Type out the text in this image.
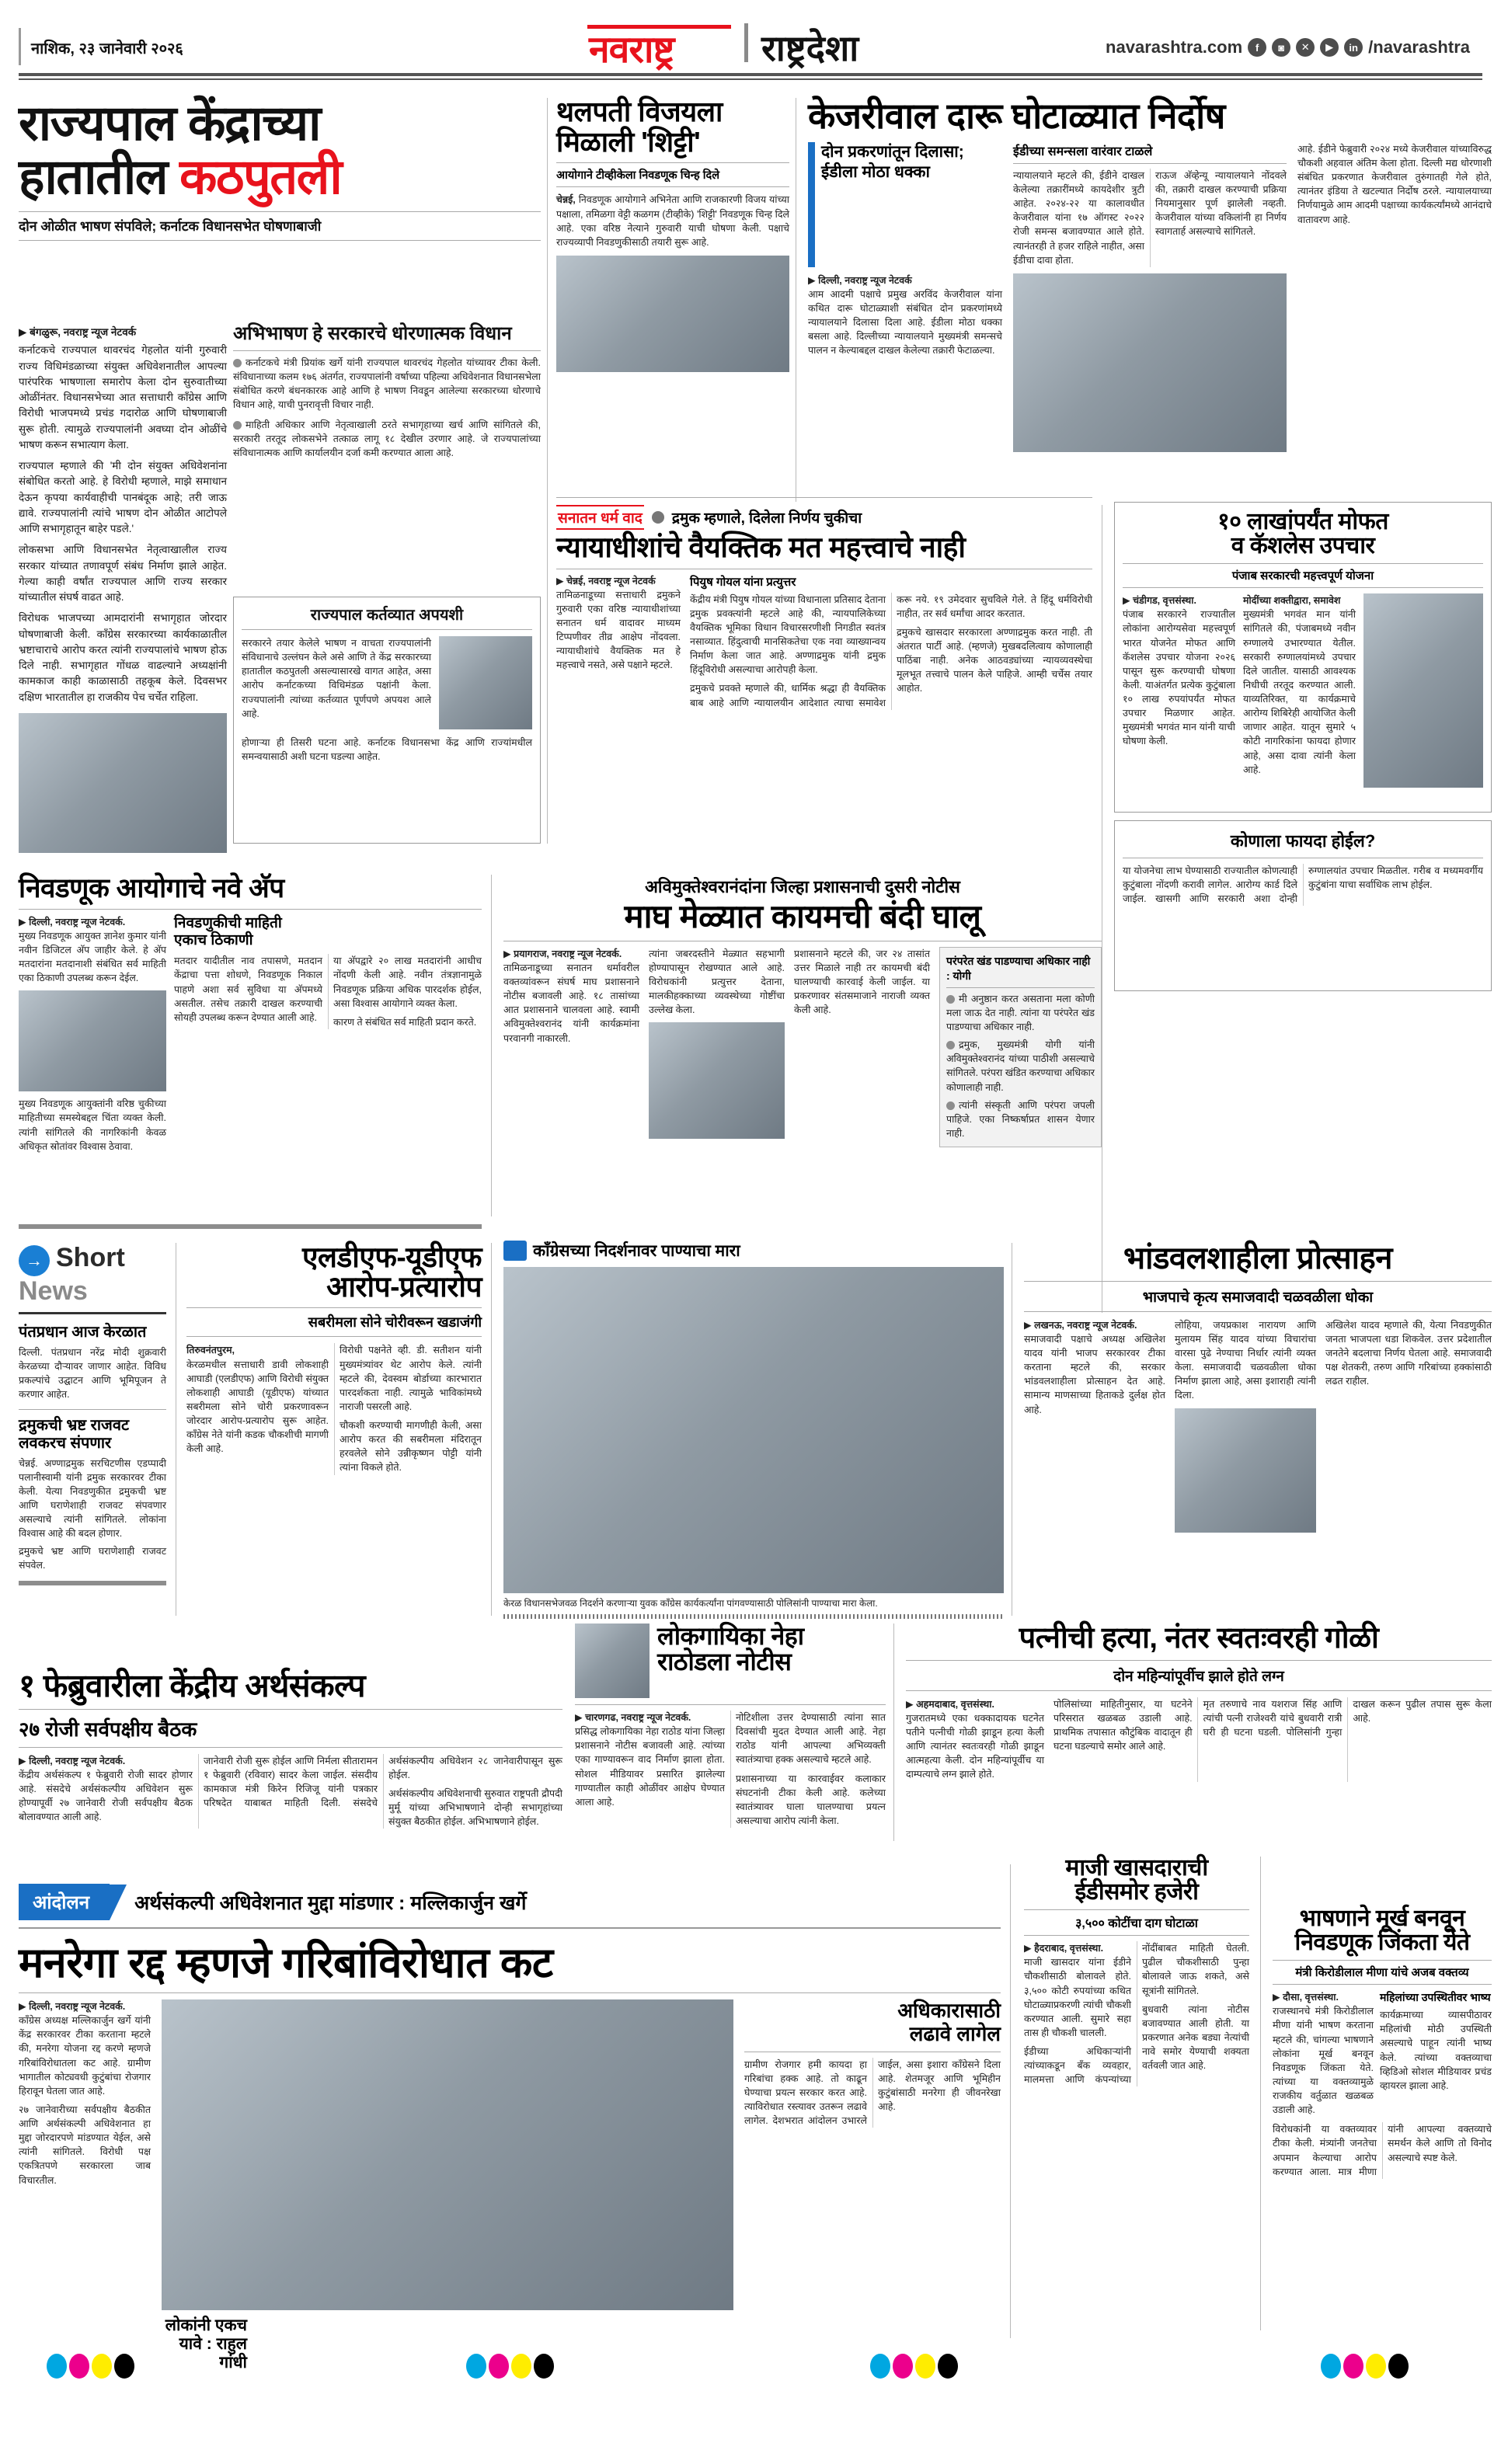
नाशिक, २३ जानेवारी २०२६	नवराष्ट्र राष्ट्रदेशा	navarashtra.com	f	◙	✕	▶	in /navarashtra
राज्यपाल केंद्राच्या
हातातील कठपुतली
दोन ओळीत भाषण संपविले; कर्नाटक विधानसभेत घोषणाबाजी
▶ बंगळुरू, नवराष्ट्र न्यूज नेटवर्क
कर्नाटकचे राज्यपाल थावरचंद गेहलोत यांनी गुरुवारी राज्य विधिमंडळाच्या संयुक्त अधिवेशनातील आपल्या पारंपरिक भाषणाला समारोप केला दोन सुरुवातीच्या ओळींनंतर. विधानसभेच्या आत सत्ताधारी काँग्रेस आणि विरोधी भाजपमध्ये प्रचंड गदारोळ आणि घोषणाबाजी सुरू होती. त्यामुळे राज्यपालांनी अवघ्या दोन ओळींचे भाषण करून सभात्याग केला.
राज्यपाल म्हणाले की 'मी दोन संयुक्त अधिवेशनांना संबोधित करतो आहे. हे विरोधी म्हणाले, माझे समाधान देऊन कृपया कार्यवाहीची पानबंदूक आहे; तरी जाऊ द्यावे. राज्यपालांनी त्यांचे भाषण दोन ओळीत आटोपले आणि सभागृहातून बाहेर पडले.'
लोकसभा आणि विधानसभेत नेतृत्वाखालील राज्य सरकार यांच्यात तणावपूर्ण संबंध निर्माण झाले आहेत. गेल्या काही वर्षांत राज्यपाल आणि राज्य सरकार यांच्यातील संघर्ष वाढत आहे.
विरोधक भाजपच्या आमदारांनी सभागृहात जोरदार घोषणाबाजी केली. काँग्रेस सरकारच्या कार्यकाळातील भ्रष्टाचाराचे आरोप करत त्यांनी राज्यपालांचे भाषण होऊ दिले नाही. सभागृहात गोंधळ वाढल्याने अध्यक्षांनी कामकाज काही काळासाठी तहकूब केले. दिवसभर दक्षिण भारतातील हा राजकीय पेच चर्चेत राहिला.
अभिभाषण हे सरकारचे धोरणात्मक विधान
कर्नाटकचे मंत्री प्रियांक खर्गे यांनी राज्यपाल थावरचंद गेहलोत यांच्यावर टीका केली. संविधानाच्या कलम १७६ अंतर्गत, राज्यपालांनी वर्षाच्या पहिल्या अधिवेशनात विधानसभेला संबोधित करणे बंधनकारक आहे आणि हे भाषण निवडून आलेल्या सरकारच्या धोरणाचे विधान आहे, याची पुनरावृत्ती विचार नाही.
माहिती अधिकार आणि नेतृत्वाखाली ठरते सभागृहाच्या खर्च आणि सांगितले की, सरकारी तरतूद लोकसभेने तत्काळ लागू १८ देखील उरणार आहे. जे राज्यपालांच्या संविधानात्मक आणि कार्यालयीन दर्जा कमी करण्यात आला आहे.
राज्यपाल कर्तव्यात अपयशी
सरकारने तयार केलेले भाषण न वाचता राज्यपालांनी संविधानाचे उल्लंघन केले असे आणि ते केंद्र सरकारच्या हातातील कठपुतली असल्यासारखे वागत आहेत, असा आरोप कर्नाटकच्या विधिमंडळ पक्षांनी केला. राज्यपालांनी त्यांच्या कर्तव्यात पूर्णपणे अपयश आले आहे.
होणाऱ्या ही तिसरी घटना आहे. कर्नाटक विधानसभा केंद्र आणि राज्यांमधील समन्वयासाठी अशी घटना घडल्या आहेत.
थलपती विजयला
मिळाली 'शिट्टी'
आयोगाने टीव्हीकेला निवडणूक चिन्ह दिले
चेन्नई, निवडणूक आयोगाने अभिनेता आणि राजकारणी विजय यांच्या पक्षाला, तमिळगा वेट्टी कळगम (टीव्हीके) 'शिट्टी' निवडणूक चिन्ह दिले आहे. एका वरिष्ठ नेत्याने गुरुवारी याची घोषणा केली. पक्षाचे राज्यव्यापी निवडणुकीसाठी तयारी सुरू आहे.
केजरीवाल दारू घोटाळ्यात निर्दोष
दोन प्रकरणांतून दिलासा; ईडीला मोठा धक्का
ईडीच्या समन्सला वारंवार टाळले
न्यायालयाने म्हटले की, ईडीने दाखल केलेल्या तक्रारींमध्ये कायदेशीर त्रुटी आहेत. २०२४-२२ या कालावधीत केजरीवाल यांना १७ ऑगस्ट २०२२ रोजी समन्स बजावण्यात आले होते. त्यानंतरही ते हजर राहिले नाहीत, असा ईडीचा दावा होता.
राऊज अ‍ॅव्हेन्यू न्यायालयाने नोंदवले की, तक्रारी दाखल करण्याची प्रक्रिया नियमानुसार पूर्ण झालेली नव्हती. केजरीवाल यांच्या वकिलांनी हा निर्णय स्वागतार्ह असल्याचे सांगितले.
आहे. ईडीने फेब्रुवारी २०२४ मध्ये केजरीवाल यांच्याविरुद्ध चौकशी अहवाल अंतिम केला होता. दिल्ली मद्य धोरणाशी संबंधित प्रकरणात केजरीवाल तुरुंगातही गेले होते, त्यानंतर इंडिया ते खटल्यात निर्दोष ठरले. न्यायालयाच्या निर्णयामुळे आम आदमी पक्षाच्या कार्यकर्त्यांमध्ये आनंदाचे वातावरण आहे.
▶ दिल्ली, नवराष्ट्र न्यूज नेटवर्क
आम आदमी पक्षाचे प्रमुख अरविंद केजरीवाल यांना कथित दारू घोटाळ्याशी संबंधित दोन प्रकरणांमध्ये न्यायालयाने दिलासा दिला आहे. ईडीला मोठा धक्का बसला आहे. दिल्लीच्या न्यायालयाने मुख्यमंत्री समन्सचे पालन न केल्याबद्दल दाखल केलेल्या तक्रारी फेटाळल्या.
सनातन धर्म वाद द्रमुक म्हणाले, दिलेला निर्णय चुकीचा
न्यायाधीशांचे वैयक्तिक मत महत्त्वाचे नाही
▶ चेन्नई, नवराष्ट्र न्यूज नेटवर्क
तामिळनाडूच्या सत्ताधारी द्रमुकने गुरुवारी एका वरिष्ठ न्यायाधीशांच्या सनातन धर्म वादावर माध्यम टिप्पणीवर तीव्र आक्षेप नोंदवला. न्यायाधीशांचे वैयक्तिक मत हे महत्त्वाचे नसते, असे पक्षाने म्हटले.
पियुष गोयल यांना प्रत्युत्तर
केंद्रीय मंत्री पियुष गोयल यांच्या विधानाला प्रतिसाद देताना द्रमुक प्रवक्त्यांनी म्हटले आहे की, न्यायपालिकेच्या वैयक्तिक भूमिका विधान विचारसरणीशी निगडीत स्वतंत्र नसाव्यात. हिंदुत्वाची मानसिकतेचा एक नवा व्याख्यान्वय निर्माण केला जात आहे. अण्णाद्रमुक यांनी द्रमुक हिंदूविरोधी असल्याचा आरोपही केला.
द्रमुकचे प्रवक्ते म्हणाले की, धार्मिक श्रद्धा ही वैयक्तिक बाब आहे आणि न्यायालयीन आदेशात त्याचा समावेश करू नये. १९ उमेदवार सुचविले गेले. ते हिंदू धर्मविरोधी नाहीत, तर सर्व धर्मांचा आदर करतात.
द्रमुकचे खासदार सरकारला अण्णाद्रमुक करत नाही. ती अंतरात पार्टी आहे. (म्हणजे) मुखबदलित्वाय कोणालाही पाठिंबा नाही. अनेक आठवड्यांच्या न्यायव्यवस्थेचा मूलभूत तत्त्वाचे पालन केले पाहिजे. आम्ही चर्चेस तयार आहोत.
१० लाखांपर्यंत मोफत
व कॅशलेस उपचार
पंजाब सरकारची महत्त्वपूर्ण योजना
▶ चंडीगड, वृत्तसंस्था.
पंजाब सरकारने राज्यातील लोकांना आरोग्यसेवा महत्त्वपूर्ण भारत योजनेत मोफत आणि कॅशलेस उपचार योजना २०२६ पासून सुरू करण्याची घोषणा केली. याअंतर्गत प्रत्येक कुटुंबाला १० लाख रुपयांपर्यंत मोफत उपचार मिळणार आहेत. मुख्यमंत्री भगवंत मान यांनी याची घोषणा केली.
मोदींच्या शक्तीद्वारा, समावेश
मुख्यमंत्री भगवंत मान यांनी सांगितले की, पंजाबमध्ये नवीन रुग्णालये उभारण्यात येतील. सरकारी रुग्णालयांमध्ये उपचार दिले जातील. यासाठी आवश्यक निधीची तरतूद करण्यात आली. याव्यतिरिक्त, या कार्यक्रमाचे आरोग्य शिबिरेही आयोजित केली जाणार आहेत. यातून सुमारे ५ कोटी नागरिकांना फायदा होणार आहे, असा दावा त्यांनी केला आहे.
कोणाला फायदा होईल?
या योजनेचा लाभ घेण्यासाठी राज्यातील कोणत्याही कुटुंबाला नोंदणी करावी लागेल. आरोग्य कार्ड दिले जाईल. खासगी आणि सरकारी अशा दोन्ही रुग्णालयांत उपचार मिळतील. गरीब व मध्यमवर्गीय कुटुंबांना याचा सर्वाधिक लाभ होईल.
निवडणूक आयोगाचे नवे अ‍ॅप
▶ दिल्ली, नवराष्ट्र न्यूज नेटवर्क.
मुख्य निवडणूक आयुक्त ज्ञानेश कुमार यांनी नवीन डिजिटल अ‍ॅप जाहीर केले. हे अ‍ॅप मतदारांना मतदानाशी संबंधित सर्व माहिती एका ठिकाणी उपलब्ध करून देईल.
मुख्य निवडणूक आयुक्तांनी वरिष्ठ चुकीच्या माहितीच्या समस्येबद्दल चिंता व्यक्त केली. त्यांनी सांगितले की नागरिकांनी केवळ अधिकृत स्रोतांवर विश्वास ठेवावा.
निवडणुकीची माहिती
एकाच ठिकाणी
मतदार यादीतील नाव तपासणे, मतदान केंद्राचा पत्ता शोधणे, निवडणूक निकाल पाहणे अशा सर्व सुविधा या अ‍ॅपमध्ये असतील. तसेच तक्रारी दाखल करण्याची सोयही उपलब्ध करून देण्यात आली आहे.
या अ‍ॅपद्वारे २० लाख मतदारांनी आधीच नोंदणी केली आहे. नवीन तंत्रज्ञानामुळे निवडणूक प्रक्रिया अधिक पारदर्शक होईल, असा विश्वास आयोगाने व्यक्त केला.
कारण ते संबंधित सर्व माहिती प्रदान करते.
अविमुक्तेश्वरानंदांना जिल्हा प्रशासनाची दुसरी नोटीस
माघ मेळ्यात कायमची बंदी घालू
▶ प्रयागराज, नवराष्ट्र न्यूज नेटवर्क.
तामिळनाडूच्या सनातन धर्मावरील वक्तव्यांवरून संघर्ष माघ प्रशासनाने नोटीस बजावली आहे. १८ तासांच्या आत प्रशासनाने चालवला आहे. स्वामी अविमुक्तेश्वरानंद यांनी कार्यक्रमांना परवानगी नाकारली.
त्यांना जबरदस्तीने मेळ्यात सहभागी होण्यापासून रोखण्यात आले आहे. विरोधकांनी प्रत्युत्तर देताना, मालकीहक्काच्या व्यवस्थेच्या गोष्टींचा उल्लेख केला.
प्रशासनाने म्हटले की, जर २४ तासांत उत्तर मिळाले नाही तर कायमची बंदी घालण्याची कारवाई केली जाईल. या प्रकरणावर संतसमाजाने नाराजी व्यक्त केली आहे.
परंपरेत खंड पाडण्याचा अधिकार नाही : योगी
मी अनुष्ठान करत असताना मला कोणी मला जाऊ देत नाही. त्यांना या परंपरेत खंड पाडण्याचा अधिकार नाही.
द्रमुक, मुख्यमंत्री योगी यांनी अविमुक्तेश्वरानंद यांच्या पाठीशी असल्याचे सांगितले. परंपरा खंडित करण्याचा अधिकार कोणालाही नाही.
त्यांनी संस्कृती आणि परंपरा जपली पाहिजे. एका निष्कर्षाप्रत शासन येणार नाही.
→ Short News
पंतप्रधान आज केरळात
दिल्ली. पंतप्रधान नरेंद्र मोदी शुक्रवारी केरळच्या दौऱ्यावर जाणार आहेत. विविध प्रकल्पांचे उद्घाटन आणि भूमिपूजन ते करणार आहेत.
द्रमुकची भ्रष्ट राजवट लवकरच संपणार
चेन्नई. अण्णाद्रमुक सरचिटणीस एडप्पादी पलानीस्वामी यांनी द्रमुक सरकारवर टीका केली. येत्या निवडणुकीत द्रमुकची भ्रष्ट आणि घराणेशाही राजवट संपवणार असल्याचे त्यांनी सांगितले. लोकांना विश्वास आहे की बदल होणार.
द्रमुकचे भ्रष्ट आणि घराणेशाही राजवट संपवेल.
एलडीएफ-यूडीएफ
आरोप-प्रत्यारोप
सबरीमला सोने चोरीवरून खडाजंगी
तिरुवनंतपुरम,
केरळमधील सत्ताधारी डावी लोकशाही आघाडी (एलडीएफ) आणि विरोधी संयुक्त लोकशाही आघाडी (यूडीएफ) यांच्यात सबरीमला सोने चोरी प्रकरणावरून जोरदार आरोप-प्रत्यारोप सुरू आहेत. काँग्रेस नेते यांनी कडक चौकशीची मागणी केली आहे.
विरोधी पक्षनेते व्ही. डी. सतीशन यांनी मुख्यमंत्र्यांवर थेट आरोप केले. त्यांनी म्हटले की, देवस्वम बोर्डाच्या कारभारात पारदर्शकता नाही. त्यामुळे भाविकांमध्ये नाराजी पसरली आहे.
चौकशी करण्याची मागणीही केली, असा आरोप करत की सबरीमला मंदिरातून हरवलेले सोने उन्नीकृष्णन पोट्टी यांनी त्यांना विकले होते.
काँग्रेसच्या निदर्शनावर पाण्याचा मारा
केरळ विधानसभेजवळ निदर्शने करणाऱ्या युवक काँग्रेस कार्यकर्त्यांना पांगवण्यासाठी पोलिसांनी पाण्याचा मारा केला.
भांडवलशाहीला प्रोत्साहन
भाजपाचे कृत्य समाजवादी चळवळीला धोका
▶ लखनऊ, नवराष्ट्र न्यूज नेटवर्क.
समाजवादी पक्षाचे अध्यक्ष अखिलेश यादव यांनी भाजप सरकारवर टीका करताना म्हटले की, सरकार भांडवलशाहीला प्रोत्साहन देत आहे. सामान्य माणसाच्या हिताकडे दुर्लक्ष होत आहे.
लोहिया, जयप्रकाश नारायण आणि मुलायम सिंह यादव यांच्या विचारांचा वारसा पुढे नेण्याचा निर्धार त्यांनी व्यक्त केला. समाजवादी चळवळीला धोका निर्माण झाला आहे, असा इशाराही त्यांनी दिला.
अखिलेश यादव म्हणाले की, येत्या निवडणुकीत जनता भाजपला धडा शिकवेल. उत्तर प्रदेशातील जनतेने बदलाचा निर्णय घेतला आहे. समाजवादी पक्ष शेतकरी, तरुण आणि गरिबांच्या हक्कांसाठी लढत राहील.
लोकगायिका नेहा
राठोडला नोटीस
▶ चारणगढ, नवराष्ट्र न्यूज नेटवर्क.
प्रसिद्ध लोकगायिका नेहा राठोड यांना जिल्हा प्रशासनाने नोटीस बजावली आहे. त्यांच्या एका गाण्यावरून वाद निर्माण झाला होता. सोशल मीडियावर प्रसारित झालेल्या गाण्यातील काही ओळींवर आक्षेप घेण्यात आला आहे.
नोटिशीला उत्तर देण्यासाठी त्यांना सात दिवसांची मुदत देण्यात आली आहे. नेहा राठोड यांनी आपल्या अभिव्यक्ती स्वातंत्र्याचा हक्क असल्याचे म्हटले आहे.
प्रशासनाच्या या कारवाईवर कलाकार संघटनांनी टीका केली आहे. कलेच्या स्वातंत्र्यावर घाला घालण्याचा प्रयत्न असल्याचा आरोप त्यांनी केला.
पत्नीची हत्या, नंतर स्वतःवरही गोळी
दोन महिन्यांपूर्वीच झाले होते लग्न
▶ अहमदाबाद, वृत्तसंस्था.
गुजरातमध्ये एका धक्कादायक घटनेत पतीने पत्नीची गोळी झाडून हत्या केली आणि त्यानंतर स्वतःवरही गोळी झाडून आत्महत्या केली. दोन महिन्यांपूर्वीच या दाम्पत्याचे लग्न झाले होते.
पोलिसांच्या माहितीनुसार, या घटनेने परिसरात खळबळ उडाली आहे. प्राथमिक तपासात कौटुंबिक वादातून ही घटना घडल्याचे समोर आले आहे.
मृत तरुणाचे नाव यशराज सिंह आणि त्यांची पत्नी राजेश्वरी यांचे बुधवारी रात्री घरी ही घटना घडली. पोलिसांनी गुन्हा दाखल करून पुढील तपास सुरू केला आहे.
१ फेब्रुवारीला केंद्रीय अर्थसंकल्प
२७ रोजी सर्वपक्षीय बैठक
▶ दिल्ली, नवराष्ट्र न्यूज नेटवर्क.
केंद्रीय अर्थसंकल्प १ फेब्रुवारी रोजी सादर होणार आहे. संसदेचे अर्थसंकल्पीय अधिवेशन सुरू होण्यापूर्वी २७ जानेवारी रोजी सर्वपक्षीय बैठक बोलावण्यात आली आहे.
जानेवारी रोजी सुरू होईल आणि निर्मला सीतारामन १ फेब्रुवारी (रविवार) सादर केला जाईल. संसदीय कामकाज मंत्री किरेन रिजिजू यांनी पत्रकार परिषदेत याबाबत माहिती दिली. संसदेचे अर्थसंकल्पीय अधिवेशन २८ जानेवारीपासून सुरू होईल.
अर्थसंकल्पीय अधिवेशनाची सुरुवात राष्ट्रपती द्रौपदी मुर्मू यांच्या अभिभाषणाने दोन्ही सभागृहांच्या संयुक्त बैठकीत होईल. अभिभाषणाने होईल.
आंदोलन	अर्थसंकल्पी अधिवेशनात मुद्दा मांडणार : मल्लिकार्जुन खर्गे
मनरेगा रद्द म्हणजे गरिबांविरोधात कट
▶ दिल्ली, नवराष्ट्र न्यूज नेटवर्क.
काँग्रेस अध्यक्ष मल्लिकार्जुन खर्गे यांनी केंद्र सरकारवर टीका करताना म्हटले की, मनरेगा योजना रद्द करणे म्हणजे गरिबांविरोधातला कट आहे. ग्रामीण भागातील कोट्यवधी कुटुंबांचा रोजगार हिरावून घेतला जात आहे.
२७ जानेवारीच्या सर्वपक्षीय बैठकीत आणि अर्थसंकल्पी अधिवेशनात हा मुद्दा जोरदारपणे मांडण्यात येईल, असे त्यांनी सांगितले. विरोधी पक्ष एकत्रितपणे सरकारला जाब विचारतील.
लोकांनी एकच
यावे : राहुल
गांधी
अधिकारासाठी
लढावे लागेल
ग्रामीण रोजगार हमी कायदा हा गरिबांचा हक्क आहे. तो काढून घेण्याचा प्रयत्न सरकार करत आहे. त्याविरोधात रस्त्यावर उतरून लढावे लागेल. देशभरात आंदोलन उभारले जाईल, असा इशारा काँग्रेसने दिला आहे. शेतमजूर आणि भूमिहीन कुटुंबांसाठी मनरेगा ही जीवनरेखा आहे.
माजी खासदाराची
ईडीसमोर हजेरी
३,५०० कोटींचा दाग घोटाळा
▶ हैदराबाद, वृत्तसंस्था.
माजी खासदार यांना ईडीने चौकशीसाठी बोलावले होते. ३,५०० कोटी रुपयांच्या कथित घोटाळ्याप्रकरणी त्यांची चौकशी करण्यात आली. सुमारे सहा तास ही चौकशी चालली.
ईडीच्या अधिकाऱ्यांनी त्यांच्याकडून बँक व्यवहार, मालमत्ता आणि कंपन्यांच्या नोंदींबाबत माहिती घेतली. पुढील चौकशीसाठी पुन्हा बोलावले जाऊ शकते, असे सूत्रांनी सांगितले.
बुधवारी त्यांना नोटीस बजावण्यात आली होती. या प्रकरणात अनेक बड्या नेत्यांची नावे समोर येण्याची शक्यता वर्तवली जात आहे.
भाषणाने मूर्ख बनवून
निवडणूक जिंकता येते
मंत्री किरोडीलाल मीणा यांचे अजब वक्तव्य
▶ दौसा, वृत्तसंस्था.
राजस्थानचे मंत्री किरोडीलाल मीणा यांनी भाषण करताना म्हटले की, चांगल्या भाषणाने लोकांना मूर्ख बनवून निवडणूक जिंकता येते. त्यांच्या या वक्तव्यामुळे राजकीय वर्तुळात खळबळ उडाली आहे.
महिलांच्या उपस्थितीवर भाष्य
कार्यक्रमाच्या व्यासपीठावर महिलांची मोठी उपस्थिती असल्याचे पाहून त्यांनी भाष्य केले. त्यांच्या वक्तव्याचा व्हिडिओ सोशल मीडियावर प्रचंड व्हायरल झाला आहे.
विरोधकांनी या वक्तव्यावर टीका केली. मंत्र्यांनी जनतेचा अपमान केल्याचा आरोप करण्यात आला. मात्र मीणा यांनी आपल्या वक्तव्याचे समर्थन केले आणि तो विनोद असल्याचे स्पष्ट केले.
